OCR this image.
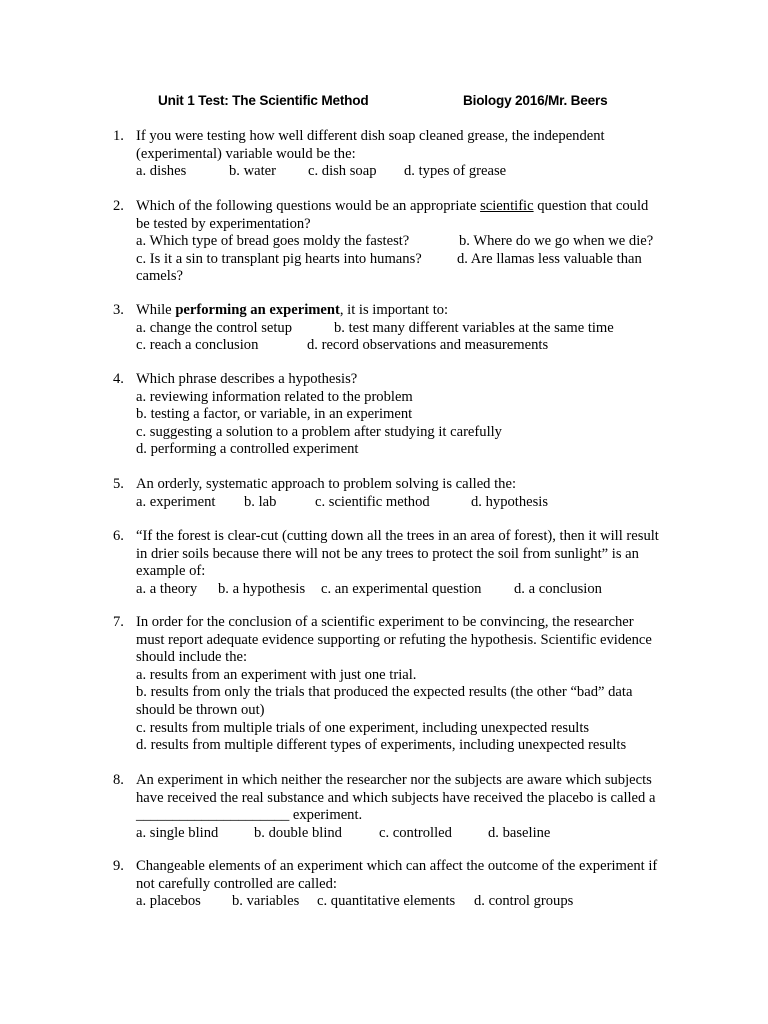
Unit 1 Test: The Scientific Method	Biology 2016/Mr. Beers
1. If you were testing how well different dish soap cleaned grease, the independent
(experimental) variable would be the:
a. dishes	b. water c. dish soap d. types of grease
2. Which of the following questions would be an appropriate scientific question that could
be tested by experimentation?
a. Which type of bread goes moldy the fastest?	b. Where do we go when we die?
c. Is it a sin to transplant pig hearts into humans? d. Are llamas less valuable than
camels?
3. While performing an experiment, it is important to:
a. change the control setup	b. test many different variables at the same time
c. reach a conclusion	d. record observations and measurements
4. Which phrase describes a hypothesis?
a. reviewing information related to the problem
b. testing a factor, or variable, in an experiment
c. suggesting a solution to a problem after studying it carefully
d. performing a controlled experiment
5. An orderly, systematic approach to problem solving is called the:
a. experiment b. lab	c. scientific method	d. hypothesis
6. “If the forest is clear-cut (cutting down all the trees in an area of forest), then it will result
in drier soils because there will not be any trees to protect the soil from sunlight” is an
example of:
a. a theory b. a hypothesis c. an experimental question d. a conclusion
7. In order for the conclusion of a scientific experiment to be convincing, the researcher
must report adequate evidence supporting or refuting the hypothesis. Scientific evidence
should include the:
a. results from an experiment with just one trial.
b. results from only the trials that produced the expected results (the other “bad” data
should be thrown out)
c. results from multiple trials of one experiment, including unexpected results
d. results from multiple different types of experiments, including unexpected results
8. An experiment in which neither the researcher nor the subjects are aware which subjects
have received the real substance and which subjects have received the placebo is called a
_____________________ experiment.
a. single blind b. double blind	c. controlled d. baseline
9. Changeable elements of an experiment which can affect the outcome of the experiment if
not carefully controlled are called:
a. placebos b. variables c. quantitative elements d. control groups
